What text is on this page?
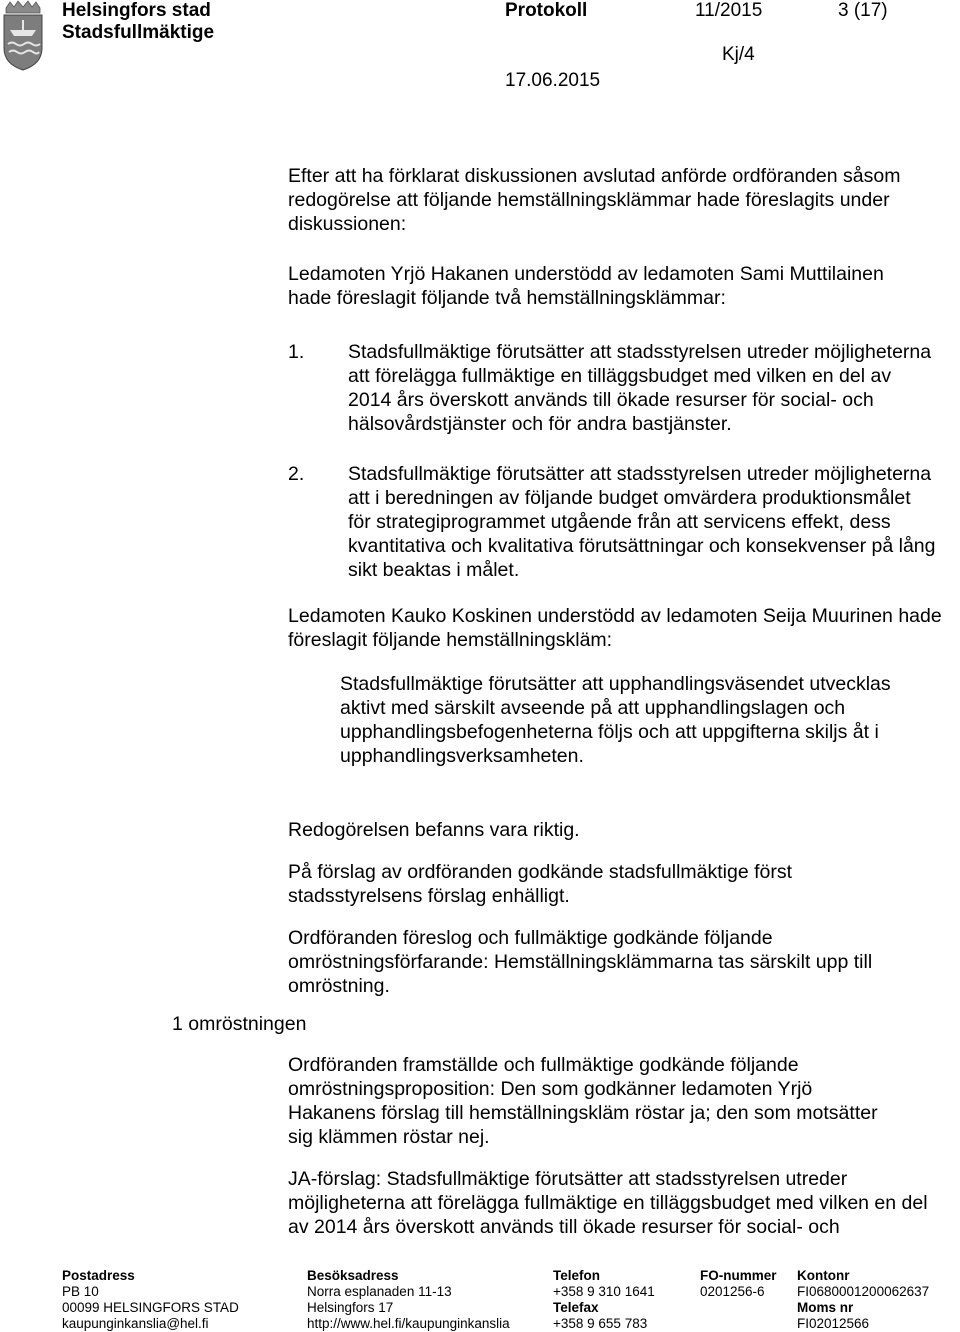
Helsingfors stad
Stadsfullmäktige
Protokoll	11/2015	3 (17)
Kj/4
17.06.2015

Efter att ha förklarat diskussionen avslutad anförde ordföranden såsom redogörelse att följande hemställningsklämmar hade föreslagits under diskussionen:

Ledamoten Yrjö Hakanen understödd av ledamoten Sami Muttilainen hade föreslagit följande två hemställningsklämmar:

1.	Stadsfullmäktige förutsätter att stadsstyrelsen utreder möjligheterna att förelägga fullmäktige en tilläggsbudget med vilken en del av 2014 års överskott används till ökade resurser för social- och hälsovårdstjänster och för andra bastjänster.
2.	Stadsfullmäktige förutsätter att stadsstyrelsen utreder möjligheterna att i beredningen av följande budget omvärdera produktionsmålet för strategiprogrammet utgående från att servicens effekt, dess kvantitativa och kvalitativa förutsättningar och konsekvenser på lång sikt beaktas i målet.

Ledamoten Kauko Koskinen understödd av ledamoten Seija Muurinen hade föreslagit följande hemställningskläm:

Stadsfullmäktige förutsätter att upphandlingsväsendet utvecklas aktivt med särskilt avseende på att upphandlingslagen och upphandlingsbefogenheterna följs och att uppgifterna skiljs åt i upphandlingsverksamheten.

Redogörelsen befanns vara riktig.

På förslag av ordföranden godkände stadsfullmäktige först stadsstyrelsens förslag enhälligt.

Ordföranden föreslog och fullmäktige godkände följande omröstningsförfarande: Hemställningsklämmarna tas särskilt upp till omröstning.

1 omröstningen

Ordföranden framställde och fullmäktige godkände följande omröstningsproposition: Den som godkänner ledamoten Yrjö Hakanens förslag till hemställningskläm röstar ja; den som motsätter sig klämmen röstar nej.

JA-förslag: Stadsfullmäktige förutsätter att stadsstyrelsen utreder möjligheterna att förelägga fullmäktige en tilläggsbudget med vilken en del av 2014 års överskott används till ökade resurser för social- och

Postadress
PB 10
00099 HELSINGFORS STAD
kaupunginkanslia@hel.fi
Besöksadress
Norra esplanaden 11-13
Helsingfors 17
http://www.hel.fi/kaupunginkanslia
Telefon
+358 9 310 1641
Telefax
+358 9 655 783
FO-nummer
0201256-6
Kontonr
FI0680001200062637
Moms nr
FI02012566
